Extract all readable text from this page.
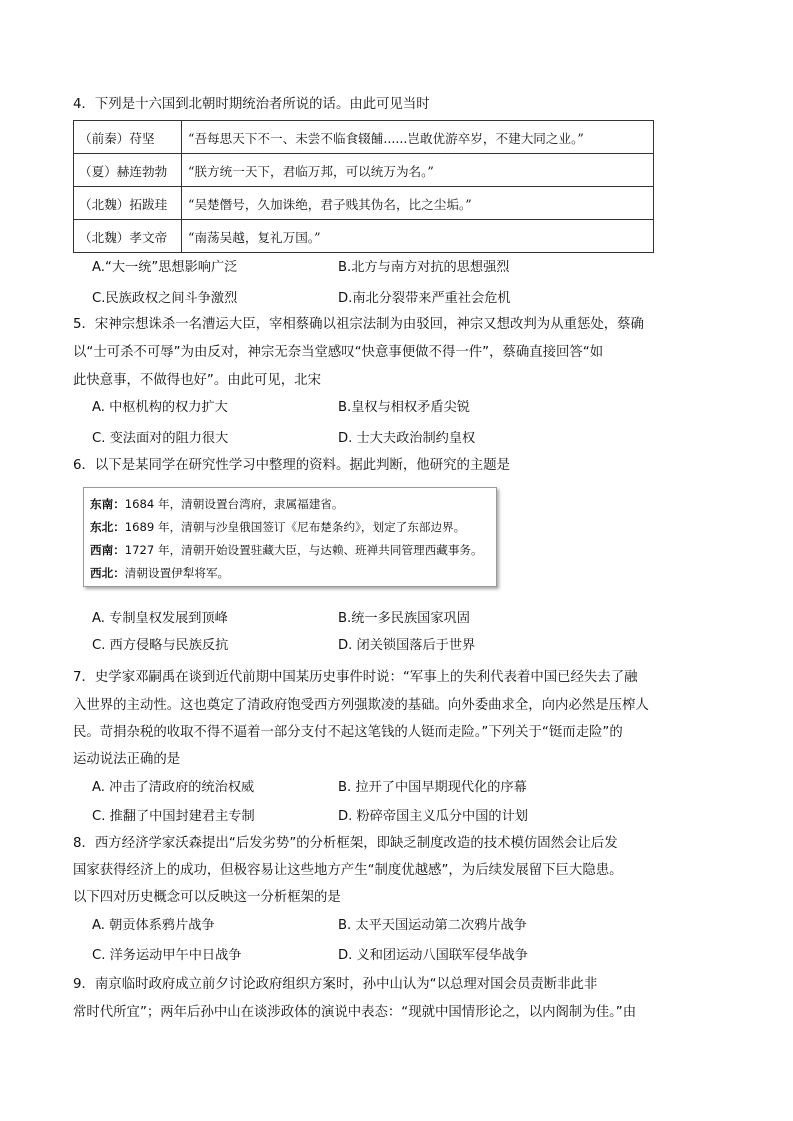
4．下列是十六国到北朝时期统治者所说的话。由此可见当时
（前秦）苻坚	“吾每思天下不一、未尝不临食辍餔......岂敢优游卒岁，不建大同之业。”
（夏）赫连勃勃	“朕方统一天下，君临万邦，可以统万为名。”
（北魏）拓跋珪	“吴楚僭号，久加诛绝，君子贱其伪名，比之尘垢。”
（北魏）孝文帝	“南荡吴越，复礼万国。”
A.“大一统”思想影响广泛	B.北方与南方对抗的思想强烈
C.民族政权之间斗争激烈	D.南北分裂带来严重社会危机
5．宋神宗想诛杀一名漕运大臣，宰相蔡确以祖宗法制为由驳回，神宗又想改判为从重惩处，蔡确
以“士可杀不可辱”为由反对，神宗无奈当堂感叹“快意事便做不得一件”，蔡确直接回答“如
此快意事，不做得也好”。由此可见，北宋
A. 中枢机构的权力扩大	B.皇权与相权矛盾尖锐
C. 变法面对的阻力很大	D. 士大夫政治制约皇权
6．以下是某同学在研究性学习中整理的资料。据此判断，他研究的主题是
东南：1684 年，清朝设置台湾府，隶属福建省。
东北：1689 年，清朝与沙皇俄国签订《尼布楚条约》，划定了东部边界。
西南：1727 年，清朝开始设置驻藏大臣，与达赖、班禅共同管理西藏事务。
西北：清朝设置伊犁将军。
A. 专制皇权发展到顶峰	B.统一多民族国家巩固
C. 西方侵略与民族反抗	D. 闭关锁国落后于世界
7．史学家邓嗣禹在谈到近代前期中国某历史事件时说：“军事上的失利代表着中国已经失去了融
入世界的主动性。这也奠定了清政府饱受西方列强欺凌的基础。向外委曲求全，向内必然是压榨人
民。苛捐杂税的收取不得不逼着一部分支付不起这笔钱的人铤而走险。”下列关于“铤而走险”的
运动说法正确的是
A. 冲击了清政府的统治权威	B. 拉开了中国早期现代化的序幕
C. 推翻了中国封建君主专制	D. 粉碎帝国主义瓜分中国的计划
8．西方经济学家沃森提出“后发劣势”的分析框架，即缺乏制度改造的技术模仿固然会让后发
国家获得经济上的成功，但极容易让这些地方产生“制度优越感”，为后续发展留下巨大隐患。
以下四对历史概念可以反映这一分析框架的是
A. 朝贡体系鸦片战争	B. 太平天国运动第二次鸦片战争
C. 洋务运动甲午中日战争	D. 义和团运动八国联军侵华战争
9．南京临时政府成立前夕讨论政府组织方案时，孙中山认为“以总理对国会员责断非此非
常时代所宜”；两年后孙中山在谈涉政体的演说中表态：“现就中国情形论之，以内阁制为佳。”由
